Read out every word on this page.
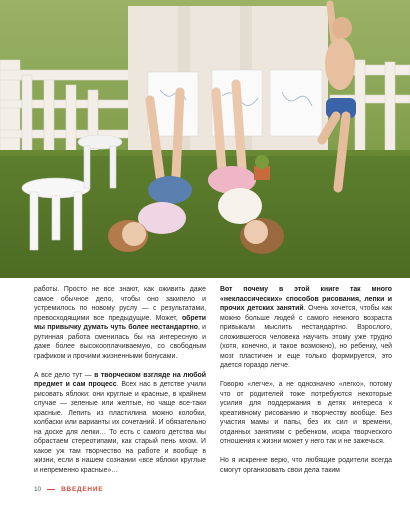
работы. Просто не все знают, как оживить даже самое обычное дело, чтобы оно закипело и устремилось по новому руслу — с результатами, превосходящими все предыдущие. Может, обрети мы привычку думать чуть более нестандартно, и рутинная работа сменилась бы на интересную и даже более высокооплачиваемую, со свободным графиком и прочими жизненными бонусами.

А все дело тут — в творческом взгляде на любой предмет и сам процесс. Всех нас в детстве учили рисовать яблоки: они круглые и красные, в крайнем случае — зеленые или желтые, но чаще все-таки красные. Лепить из пластилина можно колобки, колбаски или варианты их сочетаний. И обязательно на доске для лепки… То есть с самого детства мы обрастаем стереотипами, как старый пень мхом. И какое уж там творчество на работе и вообще в жизни, если в нашем сознании «все яблоки круглые и непременно красные»…

Вот почему в этой книге так много «некласcических» способов рисования, лепки и прочих детских занятий. Очень хочется, чтобы как можно больше людей с самого нежного возраста привыкали мыслить нестандартно. Взрослого, сложившегося человека научить этому уже трудно (хотя, конечно, и такое возможно), но ребенку, чей мозг пластичен и еще только формируется, это дается гораздо легче.

Говорю «легче», а не однозначно «легко», потому что от родителей тоже потребуются некоторые усилия для поддержания в детях интереса к креативному рисованию и творчеству вообще. Без участия мамы и папы, без их сил и времени, отданных занятиям с ребенком, искра творческого отношения к жизни может у него так и не зажечься.

Но я искренне верю, что любящие родители всегда смогут организовать свои дела таким

10	ВВЕДЕНИЕ
